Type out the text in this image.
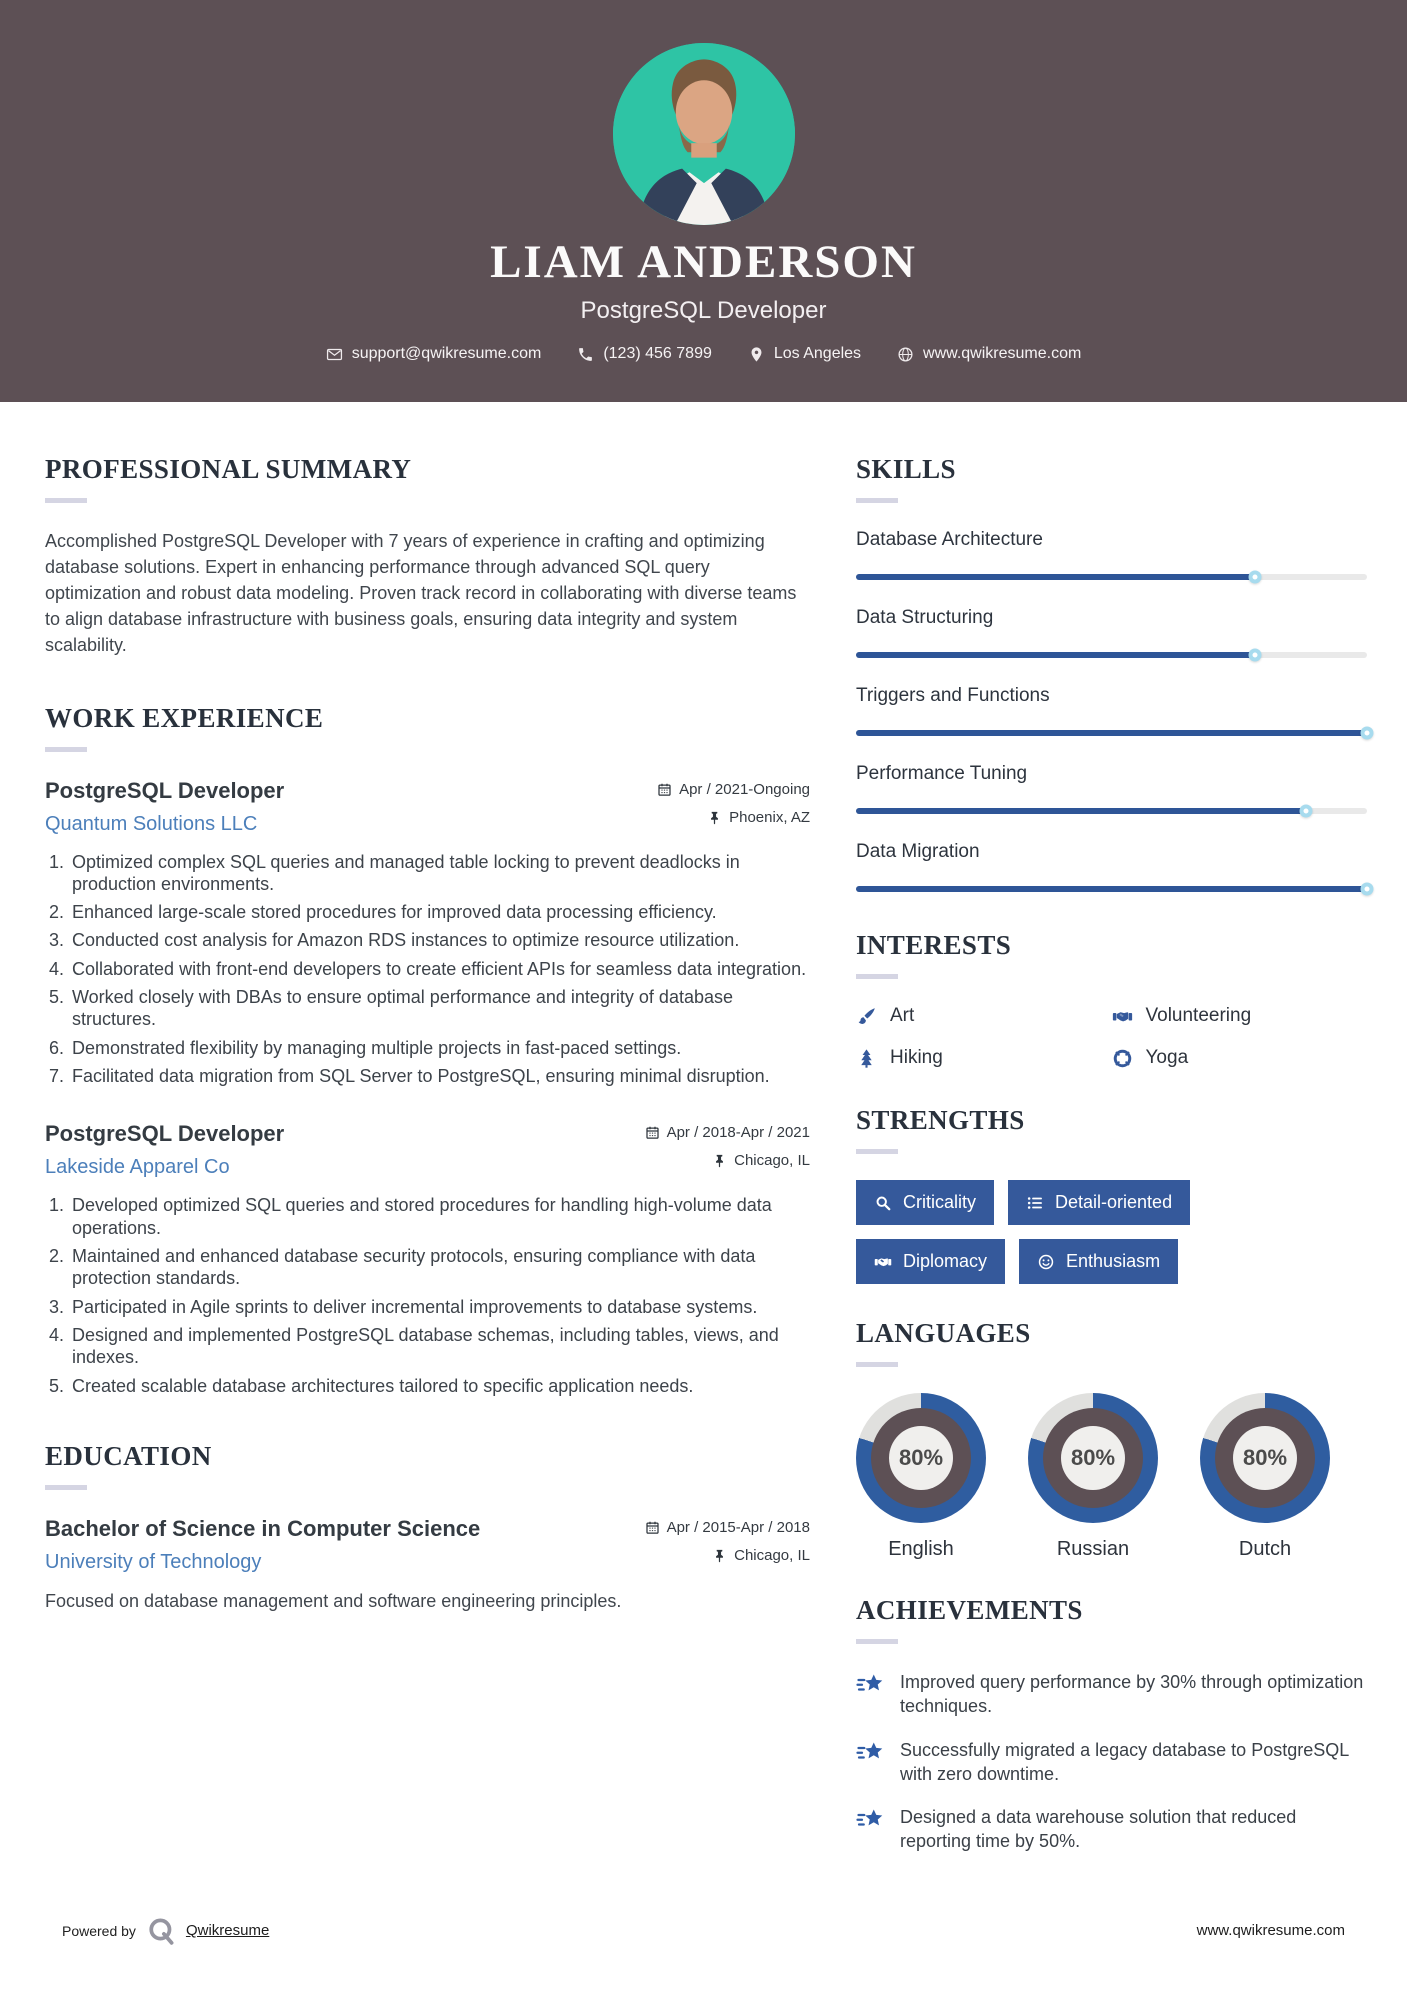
LIAM ANDERSON
PostgreSQL Developer
support@qwikresume.com	(123) 456 7899	Los Angeles	www.qwikresume.com
PROFESSIONAL SUMMARY

Accomplished PostgreSQL Developer with 7 years of experience in crafting and optimizing database solutions. Expert in enhancing performance through advanced SQL query optimization and robust data modeling. Proven track record in collaborating with diverse teams to align database infrastructure with business goals, ensuring data integrity and system scalability.

WORK EXPERIENCE
PostgreSQL Developer
Quantum Solutions LLC
Apr / 2021-Ongoing
Phoenix, AZ
1. Optimized complex SQL queries and managed table locking to prevent deadlocks in production environments.
2. Enhanced large-scale stored procedures for improved data processing efficiency.
3. Conducted cost analysis for Amazon RDS instances to optimize resource utilization.
4. Collaborated with front-end developers to create efficient APIs for seamless data integration.
5. Worked closely with DBAs to ensure optimal performance and integrity of database structures.
6. Demonstrated flexibility by managing multiple projects in fast-paced settings.
7. Facilitated data migration from SQL Server to PostgreSQL, ensuring minimal disruption.
PostgreSQL Developer
Lakeside Apparel Co
Apr / 2018-Apr / 2021
Chicago, IL
1. Developed optimized SQL queries and stored procedures for handling high-volume data operations.
2. Maintained and enhanced database security protocols, ensuring compliance with data protection standards.
3. Participated in Agile sprints to deliver incremental improvements to database systems.
4. Designed and implemented PostgreSQL database schemas, including tables, views, and indexes.
5. Created scalable database architectures tailored to specific application needs.
EDUCATION
Bachelor of Science in Computer Science
University of Technology
Apr / 2015-Apr / 2018
Chicago, IL

Focused on database management and software engineering principles.

SKILLS
Database Architecture
Data Structuring
Triggers and Functions
Performance Tuning
Data Migration
INTERESTS
Art	Volunteering
Hiking	Yoga
STRENGTHS
Criticality	Detail-oriented
Diplomacy	Enthusiasm
LANGUAGES
80%
English
80%
Russian
80%
Dutch
ACHIEVEMENTS
Improved query performance by 30% through optimization techniques.
Successfully migrated a legacy database to PostgreSQL with zero downtime.
Designed a data warehouse solution that reduced reporting time by 50%.
Powered by	Qwikresume	www.qwikresume.com
